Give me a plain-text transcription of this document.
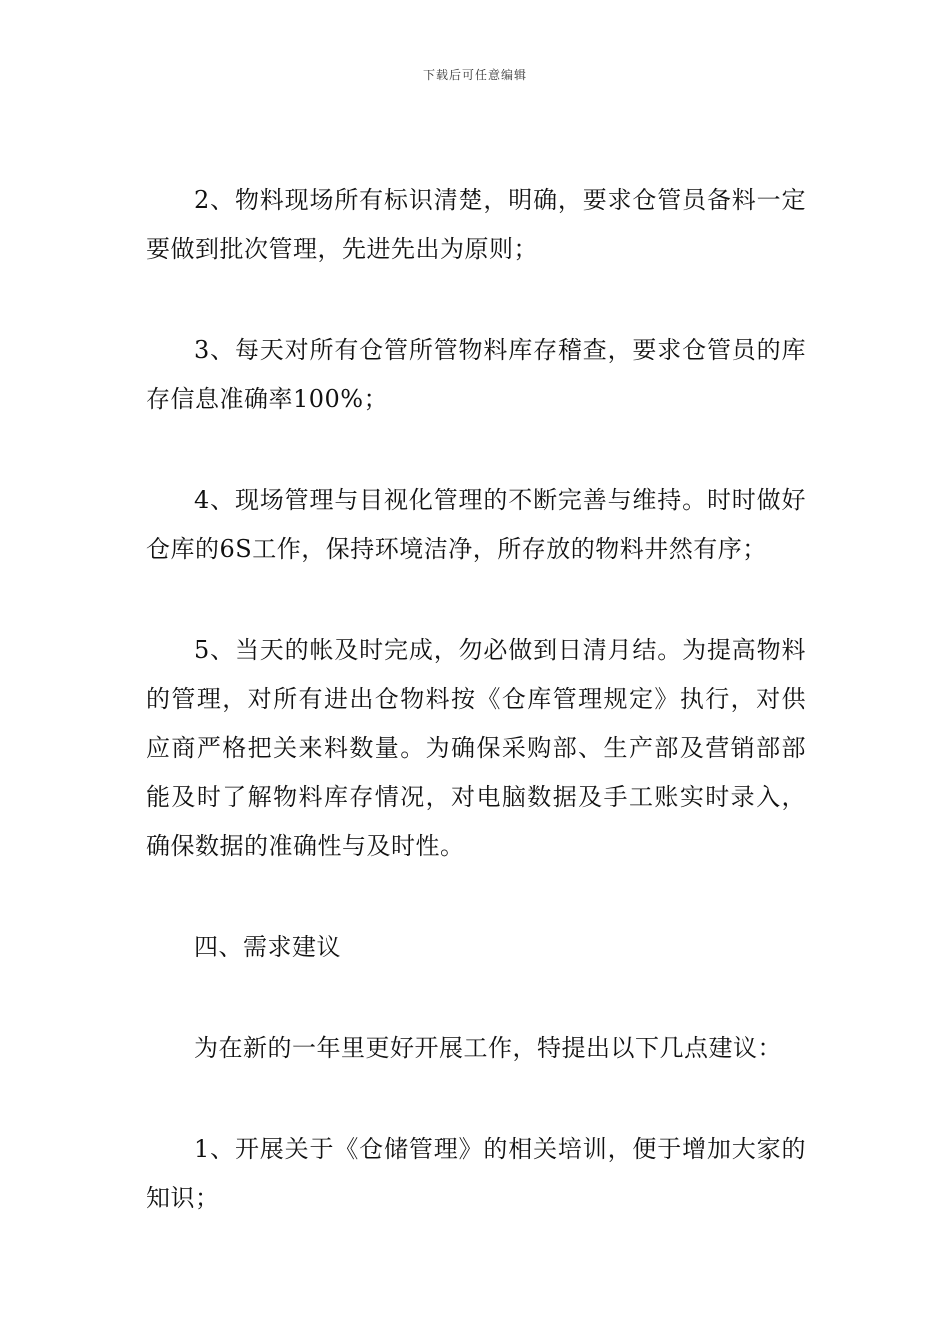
下载后可任意编辑

2、物料现场所有标识清楚，明确，要求仓管员备料一定要做到批次管理，先进先出为原则；

3、每天对所有仓管所管物料库存稽查，要求仓管员的库存信息准确率100%；

4、现场管理与目视化管理的不断完善与维持。时时做好仓库的6S工作，保持环境洁净，所存放的物料井然有序；

5、当天的帐及时完成，勿必做到日清月结。为提高物料的管理，对所有进出仓物料按《仓库管理规定》执行，对供应商严格把关来料数量。为确保采购部、生产部及营销部部能及时了解物料库存情况，对电脑数据及手工账实时录入，确保数据的准确性与及时性。

四、需求建议

为在新的一年里更好开展工作，特提出以下几点建议：

1、开展关于《仓储管理》的相关培训，便于增加大家的知识；
